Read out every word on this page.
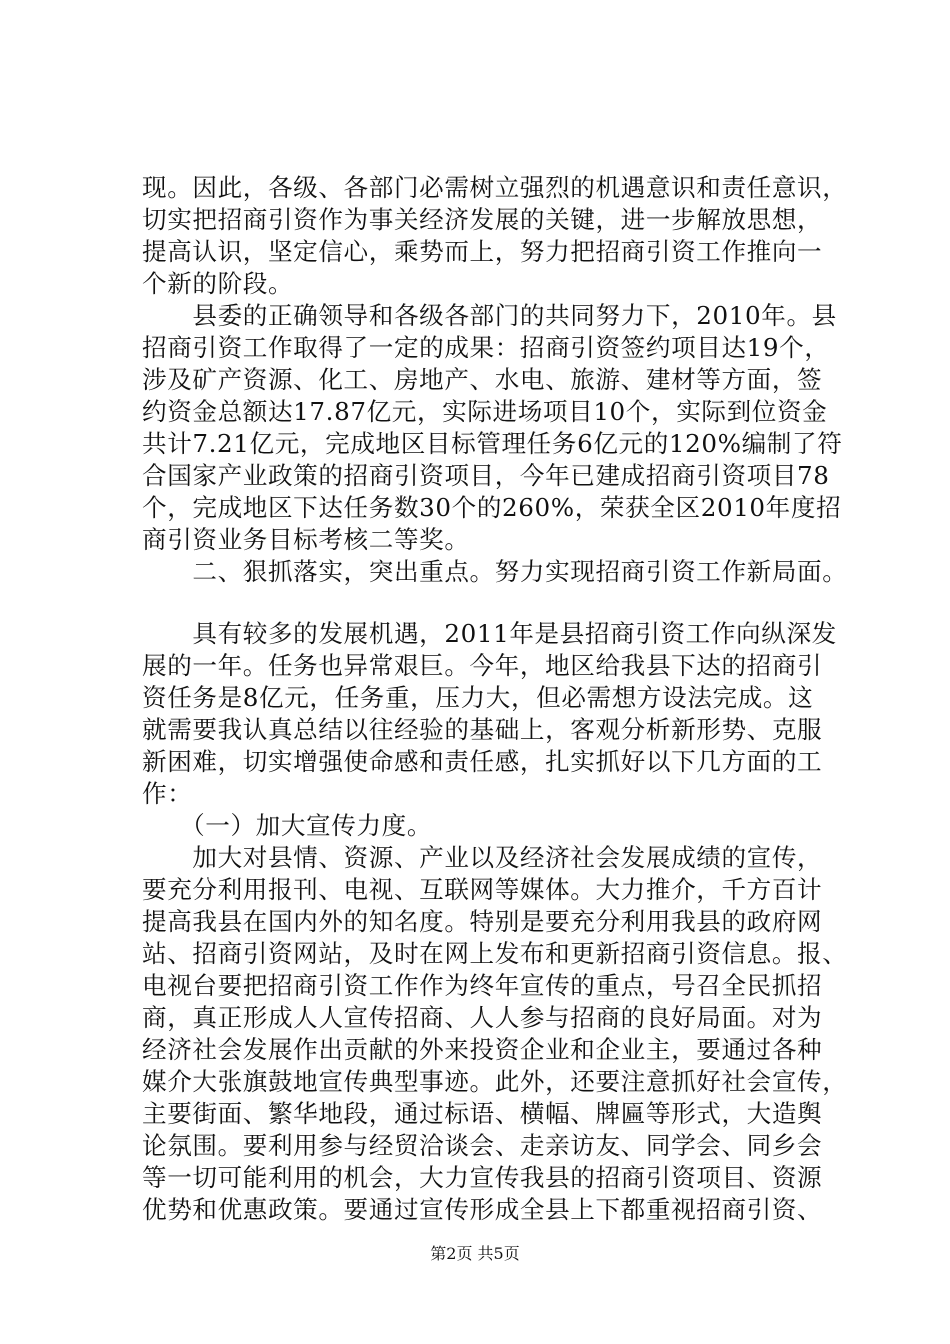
现。因此，各级、各部门必需树立强烈的机遇意识和责任意识，
切实把招商引资作为事关经济发展的关键，进一步解放思想，
提高认识，坚定信心，乘势而上，努力把招商引资工作推向一
个新的阶段。
　　县委的正确领导和各级各部门的共同努力下，2010年。县
招商引资工作取得了一定的成果：招商引资签约项目达19个，
涉及矿产资源、化工、房地产、水电、旅游、建材等方面，签
约资金总额达17.87亿元，实际进场项目10个，实际到位资金
共计7.21亿元，完成地区目标管理任务6亿元的120%编制了符
合国家产业政策的招商引资项目，今年已建成招商引资项目78
个，完成地区下达任务数30个的260%，荣获全区2010年度招
商引资业务目标考核二等奖。
　　二、狠抓落实，突出重点。努力实现招商引资工作新局面。
　　具有较多的发展机遇，2011年是县招商引资工作向纵深发
展的一年。任务也异常艰巨。今年，地区给我县下达的招商引
资任务是8亿元，任务重，压力大，但必需想方设法完成。这
就需要我认真总结以往经验的基础上，客观分析新形势、克服
新困难，切实增强使命感和责任感，扎实抓好以下几方面的工
作：
　　（一）加大宣传力度。
　　加大对县情、资源、产业以及经济社会发展成绩的宣传，
要充分利用报刊、电视、互联网等媒体。大力推介，千方百计
提高我县在国内外的知名度。特别是要充分利用我县的政府网
站、招商引资网站，及时在网上发布和更新招商引资信息。报、
电视台要把招商引资工作作为终年宣传的重点，号召全民抓招
商，真正形成人人宣传招商、人人参与招商的良好局面。对为
经济社会发展作出贡献的外来投资企业和企业主，要通过各种
媒介大张旗鼓地宣传典型事迹。此外，还要注意抓好社会宣传，
主要街面、繁华地段，通过标语、横幅、牌匾等形式，大造舆
论氛围。要利用参与经贸洽谈会、走亲访友、同学会、同乡会
等一切可能利用的机会，大力宣传我县的招商引资项目、资源
优势和优惠政策。要通过宣传形成全县上下都重视招商引资、
第2页 共5页
